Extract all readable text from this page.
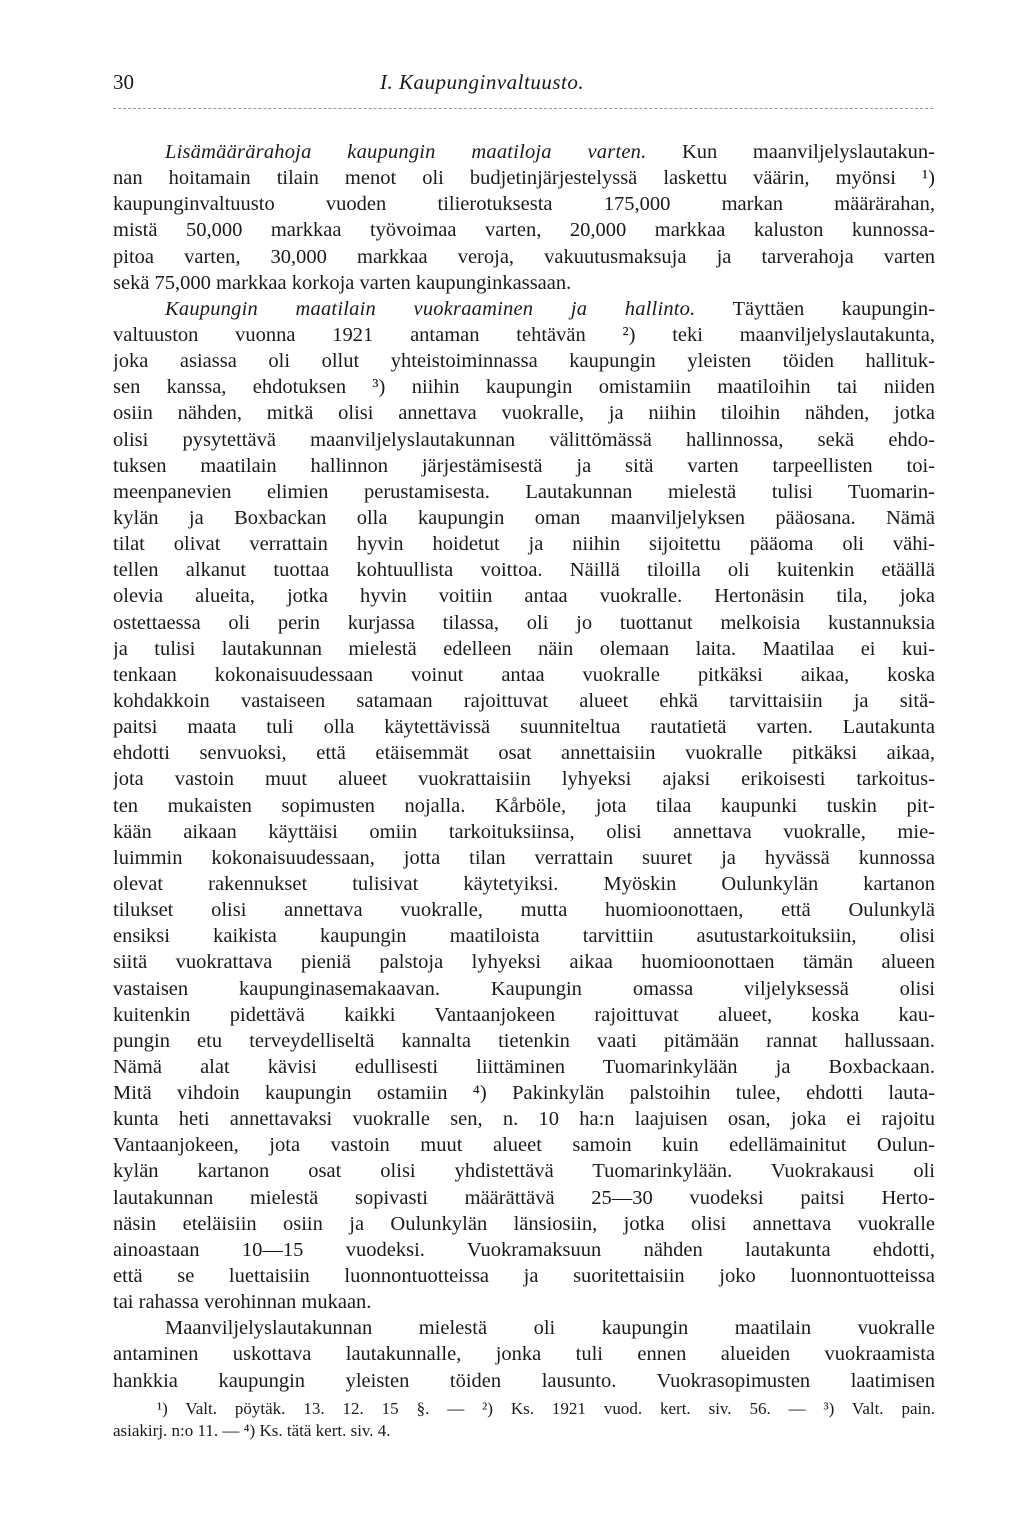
30	I. Kaupunginvaltuusto.
Lisämäärärahoja kaupungin maatiloja varten. Kun maanviljelyslautakun-
nan hoitamain tilain menot oli budjetinjärjestelyssä laskettu väärin, myönsi ¹)
kaupunginvaltuusto vuoden tilierotuksesta 175,000 markan määrärahan,
mistä 50,000 markkaa työvoimaa varten, 20,000 markkaa kaluston kunnossa-
pitoa varten, 30,000 markkaa veroja, vakuutusmaksuja ja tarverahoja varten
sekä 75,000 markkaa korkoja varten kaupunginkassaan.
Kaupungin maatilain vuokraaminen ja hallinto. Täyttäen kaupungin-
valtuuston vuonna 1921 antaman tehtävän ²) teki maanviljelyslautakunta,
joka asiassa oli ollut yhteistoiminnassa kaupungin yleisten töiden hallituk-
sen kanssa, ehdotuksen ³) niihin kaupungin omistamiin maatiloihin tai niiden
osiin nähden, mitkä olisi annettava vuokralle, ja niihin tiloihin nähden, jotka
olisi pysytettävä maanviljelyslautakunnan välittömässä hallinnossa, sekä ehdo-
tuksen maatilain hallinnon järjestämisestä ja sitä varten tarpeellisten toi-
meenpanevien elimien perustamisesta. Lautakunnan mielestä tulisi Tuomarin-
kylän ja Boxbackan olla kaupungin oman maanviljelyksen pääosana. Nämä
tilat olivat verrattain hyvin hoidetut ja niihin sijoitettu pääoma oli vähi-
tellen alkanut tuottaa kohtuullista voittoa. Näillä tiloilla oli kuitenkin etäällä
olevia alueita, jotka hyvin voitiin antaa vuokralle. Hertonäsin tila, joka
ostettaessa oli perin kurjassa tilassa, oli jo tuottanut melkoisia kustannuksia
ja tulisi lautakunnan mielestä edelleen näin olemaan laita. Maatilaa ei kui-
tenkaan kokonaisuudessaan voinut antaa vuokralle pitkäksi aikaa, koska
kohdakkoin vastaiseen satamaan rajoittuvat alueet ehkä tarvittaisiin ja sitä-
paitsi maata tuli olla käytettävissä suunniteltua rautatietä varten. Lautakunta
ehdotti senvuoksi, että etäisemmät osat annettaisiin vuokralle pitkäksi aikaa,
jota vastoin muut alueet vuokrattaisiin lyhyeksi ajaksi erikoisesti tarkoitus-
ten mukaisten sopimusten nojalla. Kårböle, jota tilaa kaupunki tuskin pit-
kään aikaan käyttäisi omiin tarkoituksiinsa, olisi annettava vuokralle, mie-
luimmin kokonaisuudessaan, jotta tilan verrattain suuret ja hyvässä kunnossa
olevat rakennukset tulisivat käytetyiksi. Myöskin Oulunkylän kartanon
tilukset olisi annettava vuokralle, mutta huomioonottaen, että Oulunkylä
ensiksi kaikista kaupungin maatiloista tarvittiin asutustarkoituksiin, olisi
siitä vuokrattava pieniä palstoja lyhyeksi aikaa huomioonottaen tämän alueen
vastaisen kaupunginasemakaavan. Kaupungin omassa viljelyksessä olisi
kuitenkin pidettävä kaikki Vantaanjokeen rajoittuvat alueet, koska kau-
pungin etu terveydelliseltä kannalta tietenkin vaati pitämään rannat hallussaan.
Nämä alat kävisi edullisesti liittäminen Tuomarinkylään ja Boxbackaan.
Mitä vihdoin kaupungin ostamiin ⁴) Pakinkylän palstoihin tulee, ehdotti lauta-
kunta heti annettavaksi vuokralle sen, n. 10 ha:n laajuisen osan, joka ei rajoitu
Vantaanjokeen, jota vastoin muut alueet samoin kuin edellämainitut Oulun-
kylän kartanon osat olisi yhdistettävä Tuomarinkylään. Vuokrakausi oli
lautakunnan mielestä sopivasti määrättävä 25—30 vuodeksi paitsi Herto-
näsin eteläisiin osiin ja Oulunkylän länsiosiin, jotka olisi annettava vuokralle
ainoastaan 10—15 vuodeksi. Vuokramaksuun nähden lautakunta ehdotti,
että se luettaisiin luonnontuotteissa ja suoritettaisiin joko luonnontuotteissa
tai rahassa verohinnan mukaan.
Maanviljelyslautakunnan mielestä oli kaupungin maatilain vuokralle
antaminen uskottava lautakunnalle, jonka tuli ennen alueiden vuokraamista
hankkia kaupungin yleisten töiden lausunto. Vuokrasopimusten laatimisen
¹) Valt. pöytäk. 13. 12. 15 §. — ²) Ks. 1921 vuod. kert. siv. 56. — ³) Valt. pain.
asiakirj. n:o 11. — ⁴) Ks. tätä kert. siv. 4.
